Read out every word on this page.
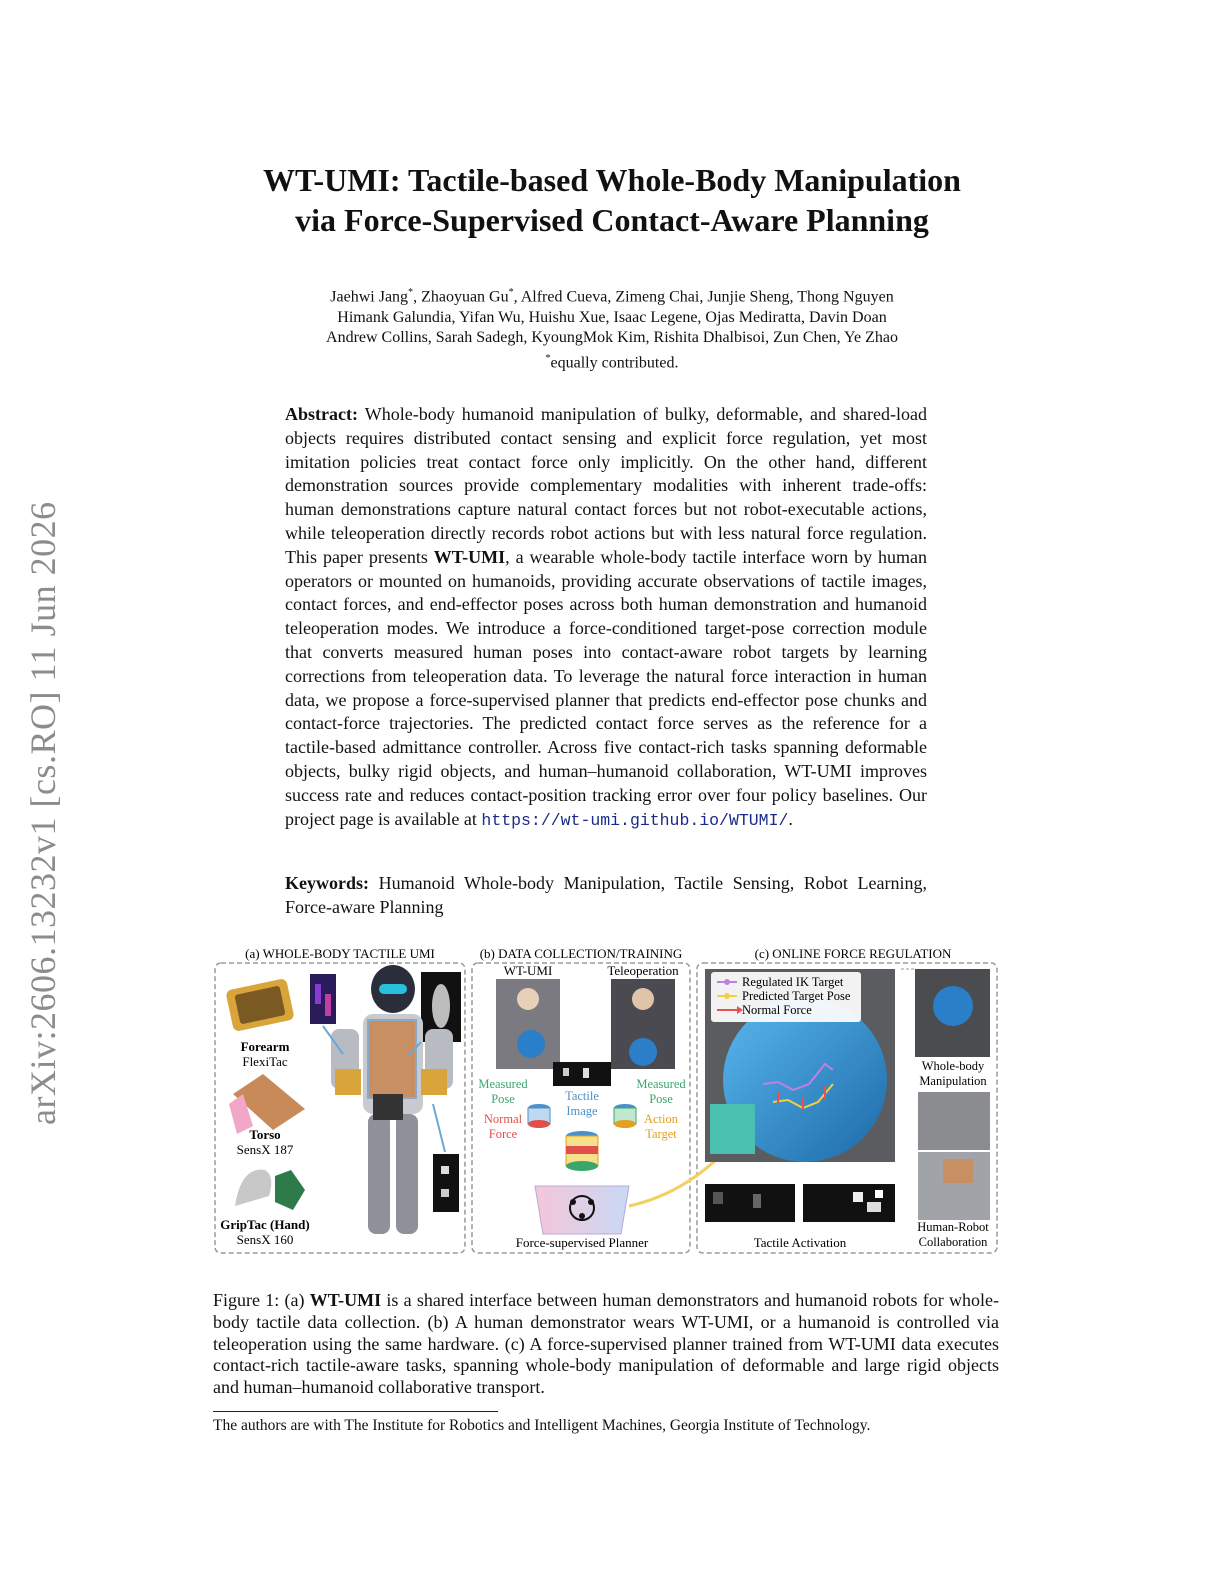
arXiv:2606.13232v1 [cs.RO] 11 Jun 2026
WT-UMI: Tactile-based Whole-Body Manipulation
via Force-Supervised Contact-Aware Planning
Jaehwi Jang*, Zhaoyuan Gu*, Alfred Cueva, Zimeng Chai, Junjie Sheng, Thong Nguyen
Himank Galundia, Yifan Wu, Huishu Xue, Isaac Legene, Ojas Mediratta, Davin Doan
Andrew Collins, Sarah Sadegh, KyoungMok Kim, Rishita Dhalbisoi, Zun Chen, Ye Zhao
*equally contributed.
Abstract: Whole-body humanoid manipulation of bulky, deformable, and shared-load objects requires distributed contact sensing and explicit force regulation, yet most imitation policies treat contact force only implicitly. On the other hand, different demonstration sources provide complementary modalities with inherent trade-offs: human demonstrations capture natural contact forces but not robot-executable actions, while teleoperation directly records robot actions but with less natural force regulation. This paper presents WT-UMI, a wearable whole-body tactile interface worn by human operators or mounted on humanoids, providing accurate observations of tactile images, contact forces, and end-effector poses across both human demonstration and humanoid teleoperation modes. We introduce a force-conditioned target-pose correction module that converts measured human poses into contact-aware robot targets by learning corrections from teleoperation data. To leverage the natural force interaction in human data, we propose a force-supervised planner that predicts end-effector pose chunks and contact-force trajectories. The predicted contact force serves as the reference for a tactile-based admittance controller. Across five contact-rich tasks spanning deformable objects, bulky rigid objects, and human–humanoid collaboration, WT-UMI improves success rate and reduces contact-position tracking error over four policy baselines. Our project page is available at https://wt-umi.github.io/WTUMI/.
Keywords: Humanoid Whole-body Manipulation, Tactile Sensing, Robot Learning, Force-aware Planning
(a) WHOLE-BODY TACTILE UMI	(b) DATA COLLECTION/TRAINING	(c) ONLINE FORCE REGULATION
Forearm
FlexiTac
Torso
SensX 187
GripTac (Hand)
SensX 160
WT-UMI	Teleoperation
Measured
Pose
Normal
Force
Tactile
Image
Measured
Pose
Action
Target
Force-supervised Planner
Regulated IK Target
Predicted Target Pose
Normal Force
Tactile Activation
Whole-body
Manipulation
Human-Robot
Collaboration
Figure 1: (a) WT-UMI is a shared interface between human demonstrators and humanoid robots for whole-body tactile data collection. (b) A human demonstrator wears WT-UMI, or a humanoid is controlled via teleoperation using the same hardware. (c) A force-supervised planner trained from WT-UMI data executes contact-rich tactile-aware tasks, spanning whole-body manipulation of deformable and large rigid objects and human–humanoid collaborative transport.
The authors are with The Institute for Robotics and Intelligent Machines, Georgia Institute of Technology.
